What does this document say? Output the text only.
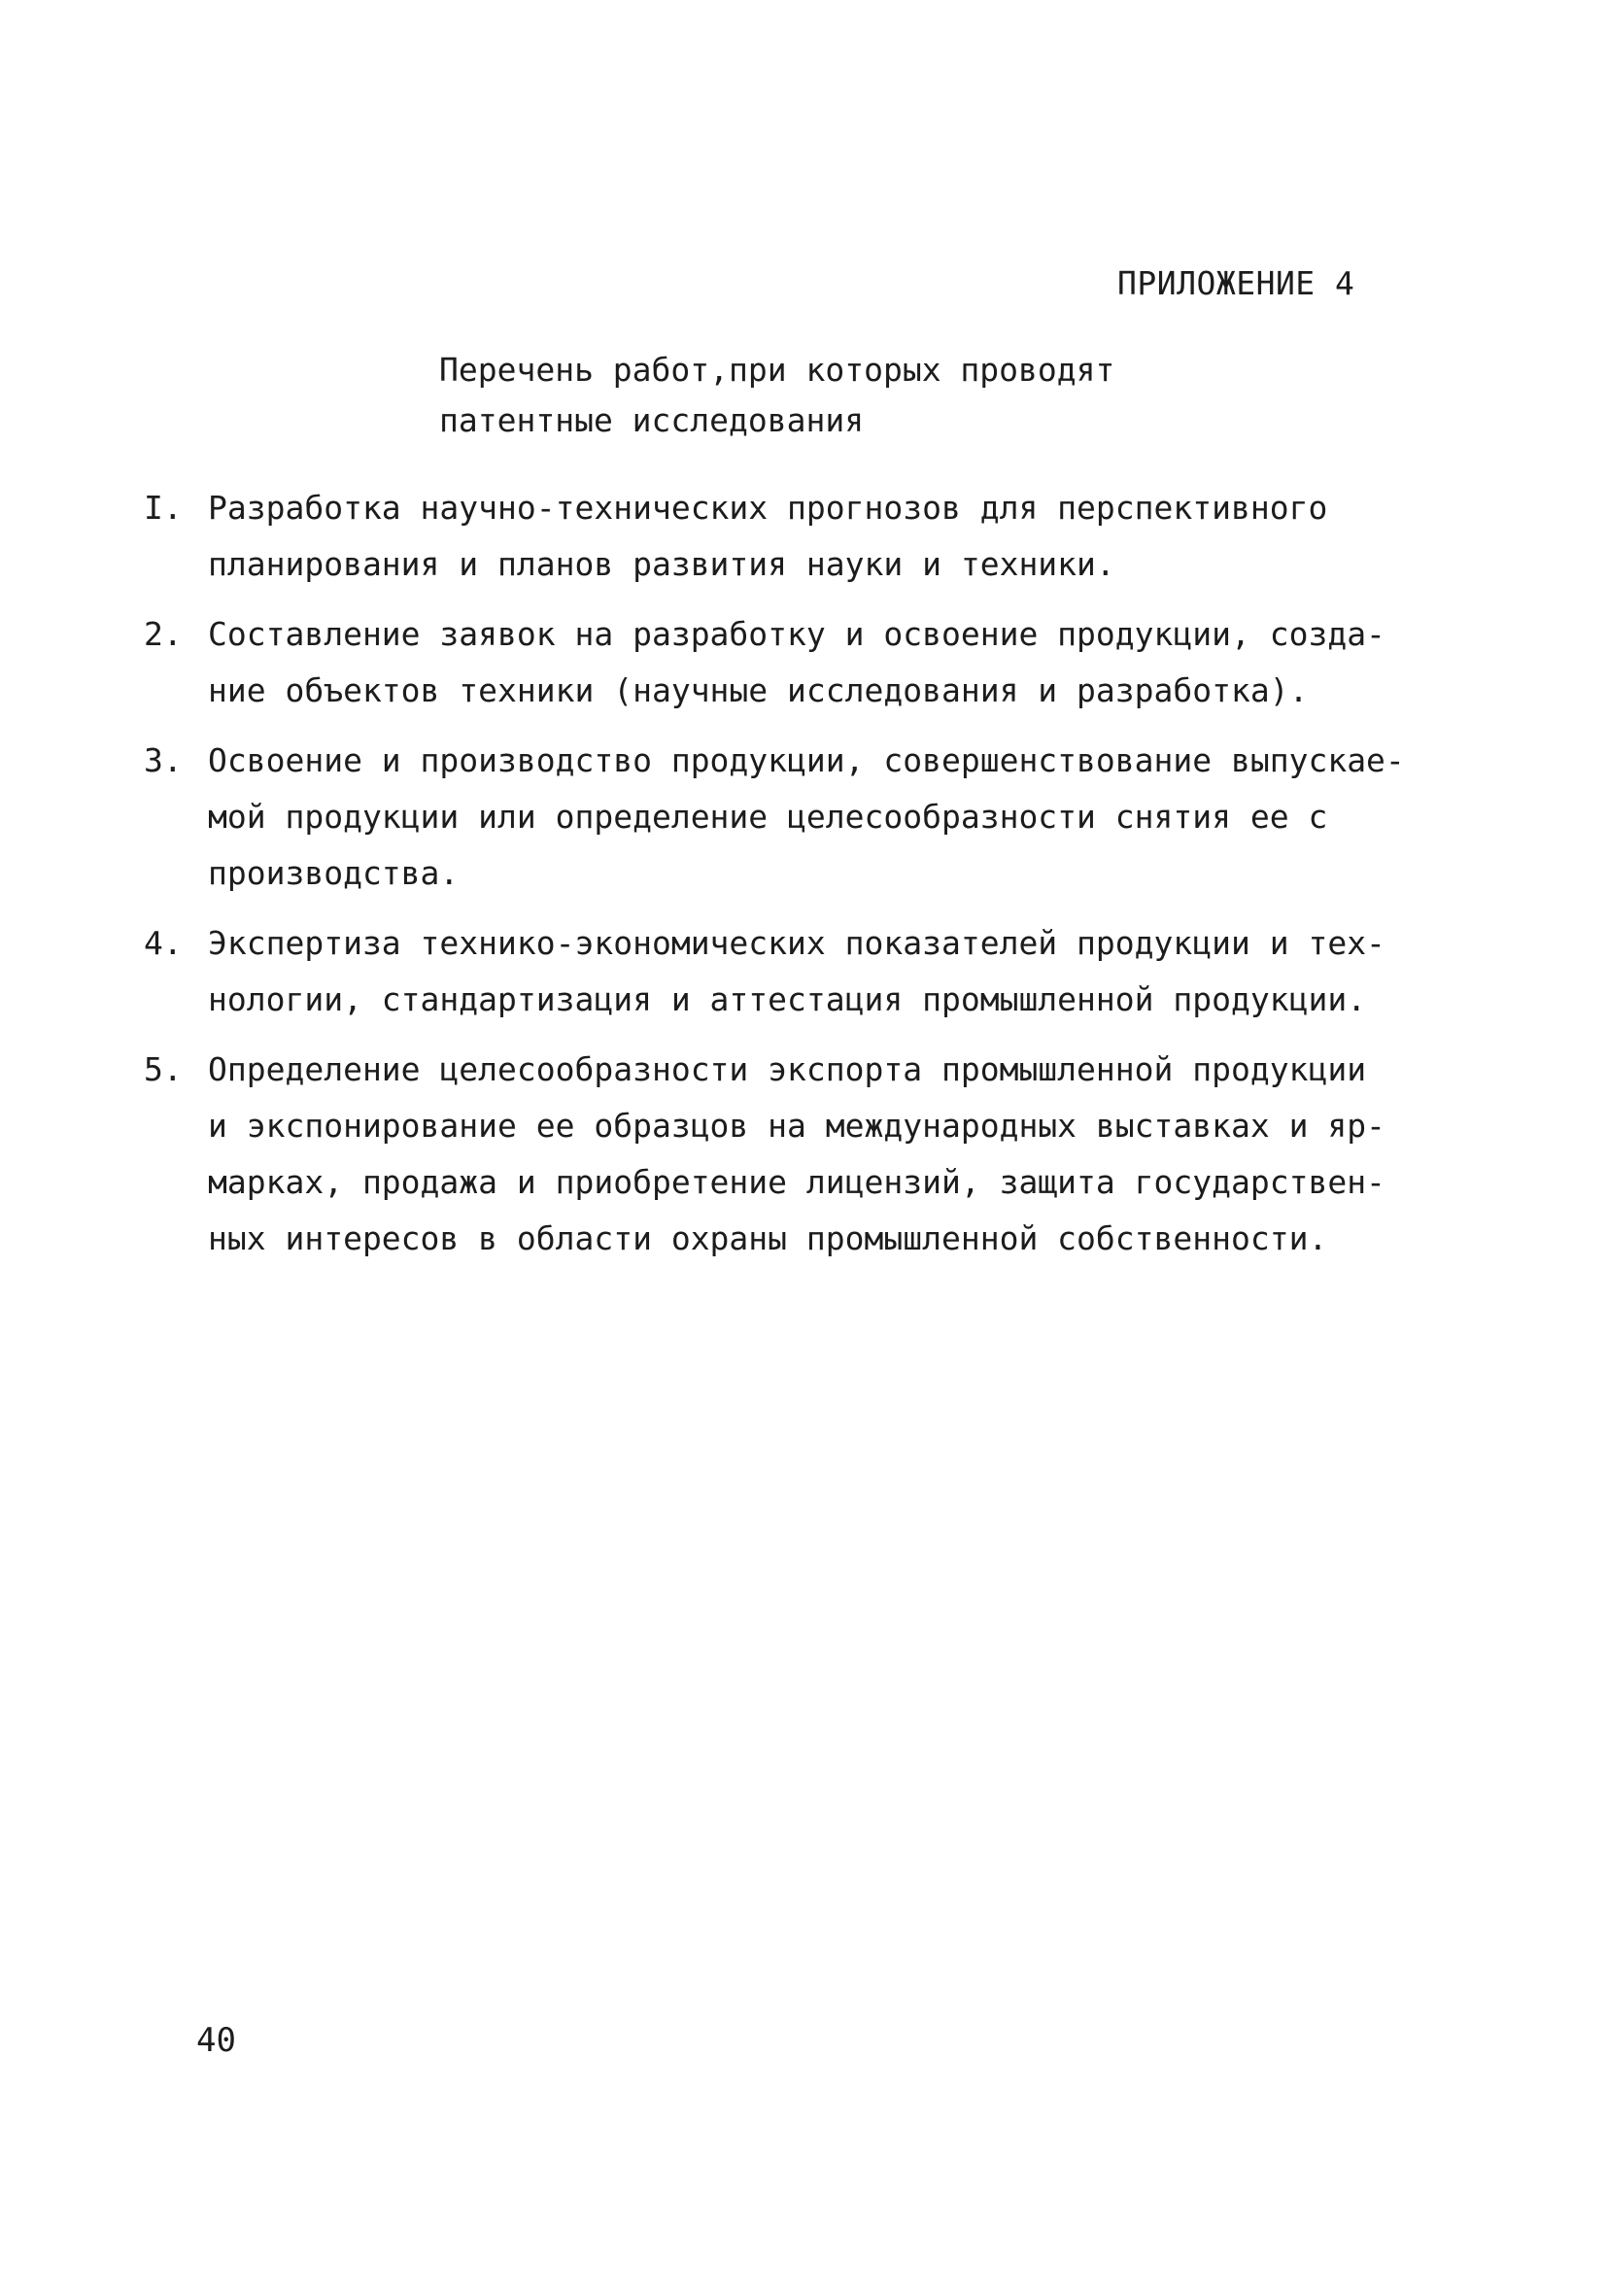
ПРИЛОЖЕНИЕ 4
Перечень работ,при которых проводят
патентные исследования
I. Разработка научно-технических прогнозов для перспективного
планирования и планов развития науки и техники.
2. Составление заявок на разработку и освоение продукции, созда-
ние объектов техники (научные исследования и разработка).
3. Освоение и производство продукции, совершенствование выпускае-
мой продукции или определение целесообразности снятия ее с
производства.
4. Экспертиза технико-экономических показателей продукции и тех-
нологии, стандартизация и аттестация промышленной продукции.
5. Определение целесообразности экспорта промышленной продукции
и экспонирование ее образцов на международных выставках и яр-
марках, продажа и приобретение лицензий, защита государствен-
ных интересов в области охраны промышленной собственности.
40
